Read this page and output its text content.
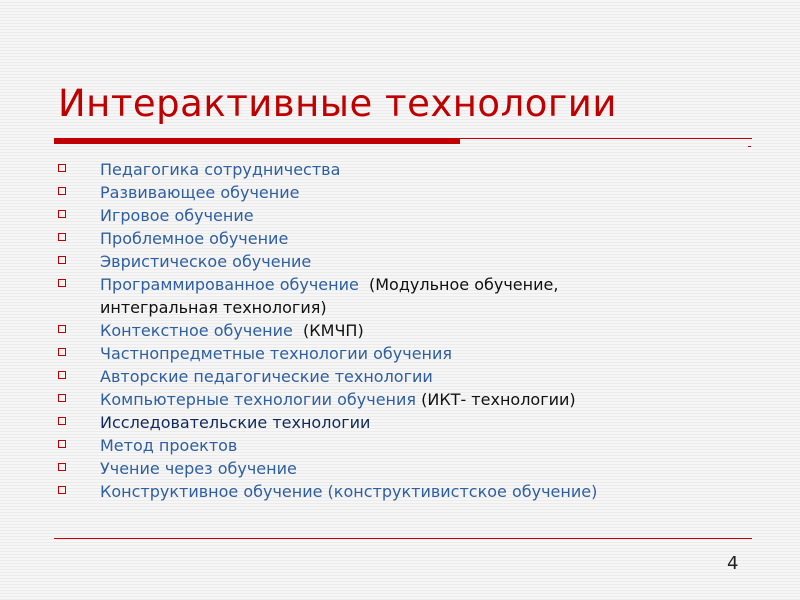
Интерактивные технологии
Педагогика сотрудничества
Развивающее обучение
Игровое обучение
Проблемное обучение
Эвристическое обучение
Программированное обучение  (Модульное обучение,
интегральная технология)
Контекстное обучение  (КМЧП)
Частнопредметные технологии обучения
Авторские педагогические технологии
Компьютерные технологии обучения (ИКТ- технологии)
Исследовательские технологии
Метод проектов
Учение через обучение
Конструктивное обучение (конструктивистское обучение)
4
